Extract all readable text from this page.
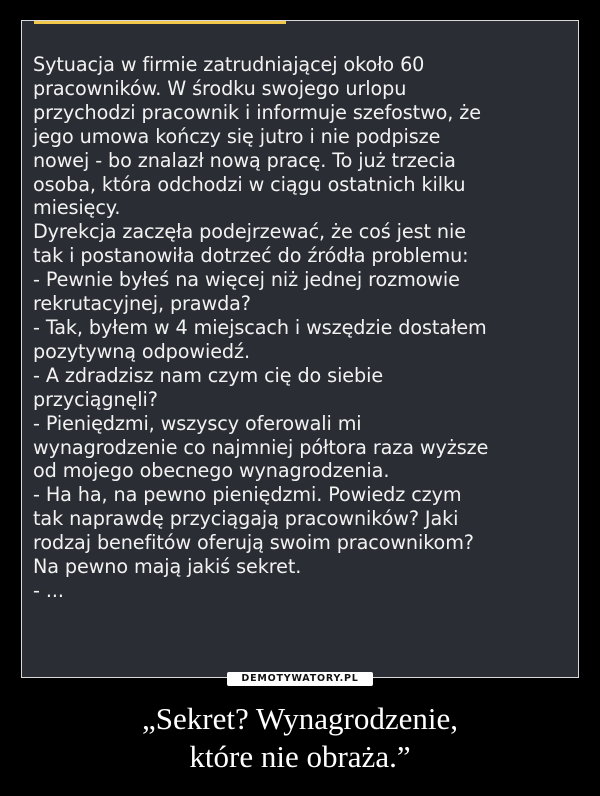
Sytuacja w firmie zatrudniającej około 60
pracowników. W środku swojego urlopu
przychodzi pracownik i informuje szefostwo, że
jego umowa kończy się jutro i nie podpisze
nowej - bo znalazł nową pracę. To już trzecia
osoba, która odchodzi w ciągu ostatnich kilku
miesięcy.
Dyrekcja zaczęła podejrzewać, że coś jest nie
tak i postanowiła dotrzeć do źródła problemu:
- Pewnie byłeś na więcej niż jednej rozmowie
rekrutacyjnej, prawda?
- Tak, byłem w 4 miejscach i wszędzie dostałem
pozytywną odpowiedź.
- A zdradzisz nam czym cię do siebie
przyciągnęli?
- Pieniędzmi, wszyscy oferowali mi
wynagrodzenie co najmniej półtora raza wyższe
od mojego obecnego wynagrodzenia.
- Ha ha, na pewno pieniędzmi. Powiedz czym
tak naprawdę przyciągają pracowników? Jaki
rodzaj benefitów oferują swoim pracownikom?
Na pewno mają jakiś sekret.
- ...
DEMOTYWATORY.PL
„Sekret? Wynagrodzenie,
które nie obraża.”
